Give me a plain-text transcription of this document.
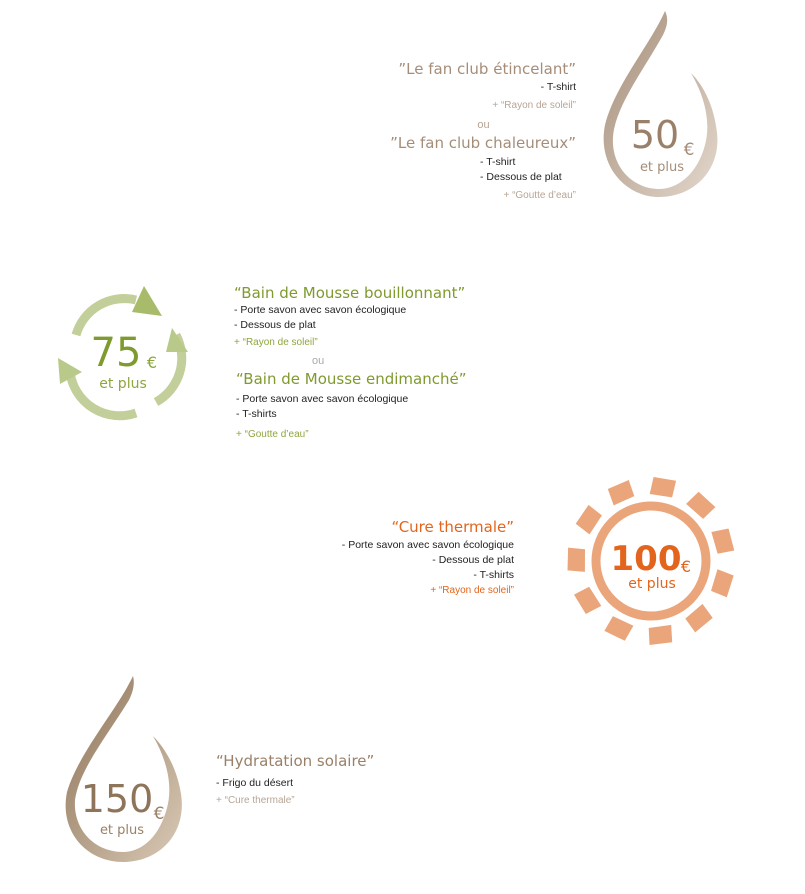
”Le fan club étincelant”

- T-shirt

+ “Rayon de soleil”

ou

”Le fan club chaleureux”

- T-shirt

- Dessous de plat

+ “Goutte d’eau”

50 €
et plus
75 €
et plus

“Bain de Mousse bouillonnant”

- Porte savon avec savon écologique

- Dessous de plat

+ “Rayon de soleil”

ou

“Bain de Mousse endimanché”

- Porte savon avec savon écologique

- T-shirts

+ “Goutte d’eau”

“Cure thermale”

- Porte savon avec savon écologique

- Dessous de plat

- T-shirts

+ “Rayon de soleil”

100 €
et plus
150 €
et plus

“Hydratation solaire”

- Frigo du désert

+ “Cure thermale”
